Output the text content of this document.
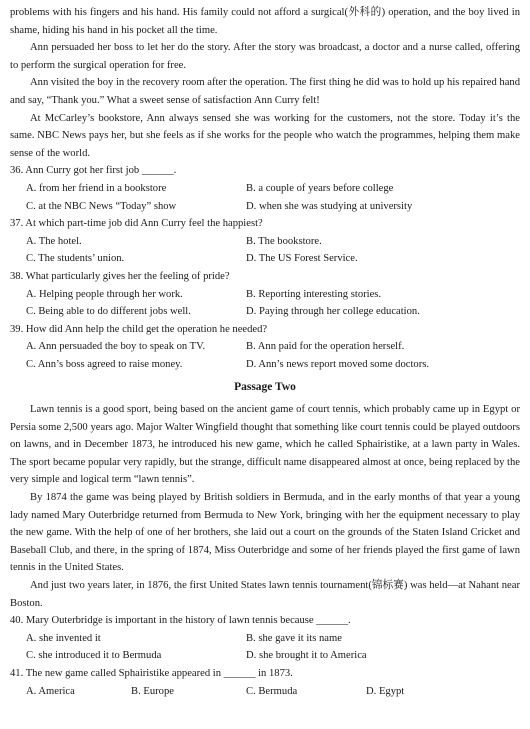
problems with his fingers and his hand. His family could not afford a surgical(外科的) operation, and the boy lived in shame, hiding his hand in his pocket all the time.

Ann persuaded her boss to let her do the story. After the story was broadcast, a doctor and a nurse called, offering to perform the surgical operation for free.

Ann visited the boy in the recovery room after the operation. The first thing he did was to hold up his repaired hand and say, “Thank you.” What a sweet sense of satisfaction Ann Curry felt!

At McCarley’s bookstore, Ann always sensed she was working for the customers, not the store. Today it’s the same. NBC News pays her, but she feels as if she works for the people who watch the programmes, helping them make sense of the world.

36. Ann Curry got her first job ______.

A. from her friend in a bookstore	B. a couple of years before college
C. at the NBC News “Today” show	D. when she was studying at university

37. At which part-time job did Ann Curry feel the happiest?

A. The hotel.	B. The bookstore.
C. The students’ union.	D. The US Forest Service.

38. What particularly gives her the feeling of pride?

A. Helping people through her work.	B. Reporting interesting stories.
C. Being able to do different jobs well.	D. Paying through her college education.

39. How did Ann help the child get the operation he needed?

A. Ann persuaded the boy to speak on TV.	B. Ann paid for the operation herself.
C. Ann’s boss agreed to raise money.	D. Ann’s news report moved some doctors.
Passage Two

Lawn tennis is a good sport, being based on the ancient game of court tennis, which probably came up in Egypt or Persia some 2,500 years ago. Major Walter Wingfield thought that something like court tennis could be played outdoors on lawns, and in December 1873, he introduced his new game, which he called Sphairistike, at a lawn party in Wales. The sport became popular very rapidly, but the strange, difficult name disappeared almost at once, being replaced by the very simple and logical term “lawn tennis”.

By 1874 the game was being played by British soldiers in Bermuda, and in the early months of that year a young lady named Mary Outerbridge returned from Bermuda to New York, bringing with her the equipment necessary to play the new game. With the help of one of her brothers, she laid out a court on the grounds of the Staten Island Cricket and Baseball Club, and there, in the spring of 1874, Miss Outerbridge and some of her friends played the first game of lawn tennis in the United States.

And just two years later, in 1876, the first United States lawn tennis tournament(锦标赛) was held—at Nahant near Boston.

40. Mary Outerbridge is important in the history of lawn tennis because ______.

A. she invented it	B. she gave it its name
C. she introduced it to Bermuda	D. she brought it to America

41. The new game called Sphairistike appeared in ______ in 1873.

A. America	B. Europe	C. Bermuda	D. Egypt
